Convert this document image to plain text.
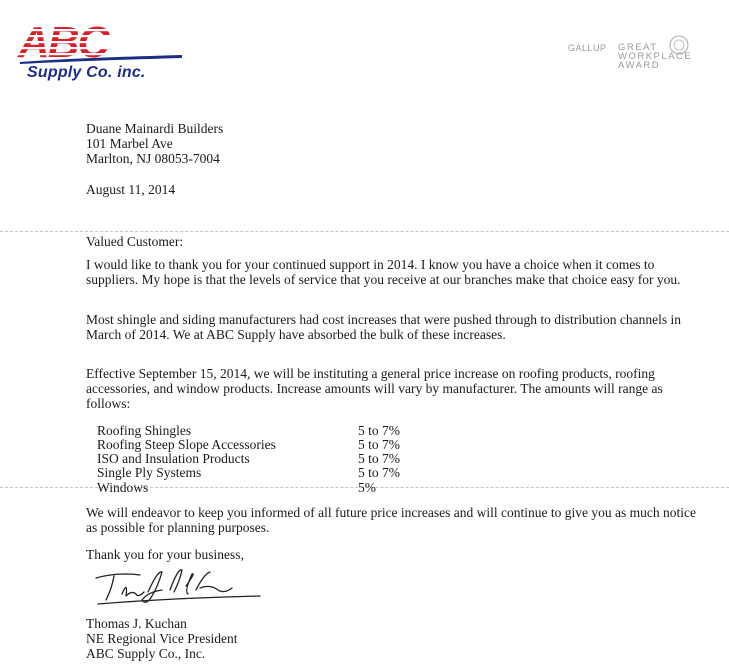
Supply Co. inc.
GALLUP GREAT
WORKPLACE
AWARD
Duane Mainardi Builders
101 Marbel Ave
Marlton, NJ 08053-7004
August 11, 2014
Valued Customer:
I would like to thank you for your continued support in 2014. I know you have a choice when it comes to suppliers. My hope is that the levels of service that you receive at our branches make that choice easy for you.
Most shingle and siding manufacturers had cost increases that were pushed through to distribution channels in March of 2014. We at ABC Supply have absorbed the bulk of these increases.
Effective September 15, 2014, we will be instituting a general price increase on roofing products, roofing accessories, and window products. Increase amounts will vary by manufacturer. The amounts will range as follows:
Roofing Shingles	5 to 7%
Roofing Steep Slope Accessories	5 to 7%
ISO and Insulation Products	5 to 7%
Single Ply Systems	5 to 7%
Windows	5%
We will endeavor to keep you informed of all future price increases and will continue to give you as much notice as possible for planning purposes.
Thank you for your business,
Thomas J. Kuchan
NE Regional Vice President
ABC Supply Co., Inc.
